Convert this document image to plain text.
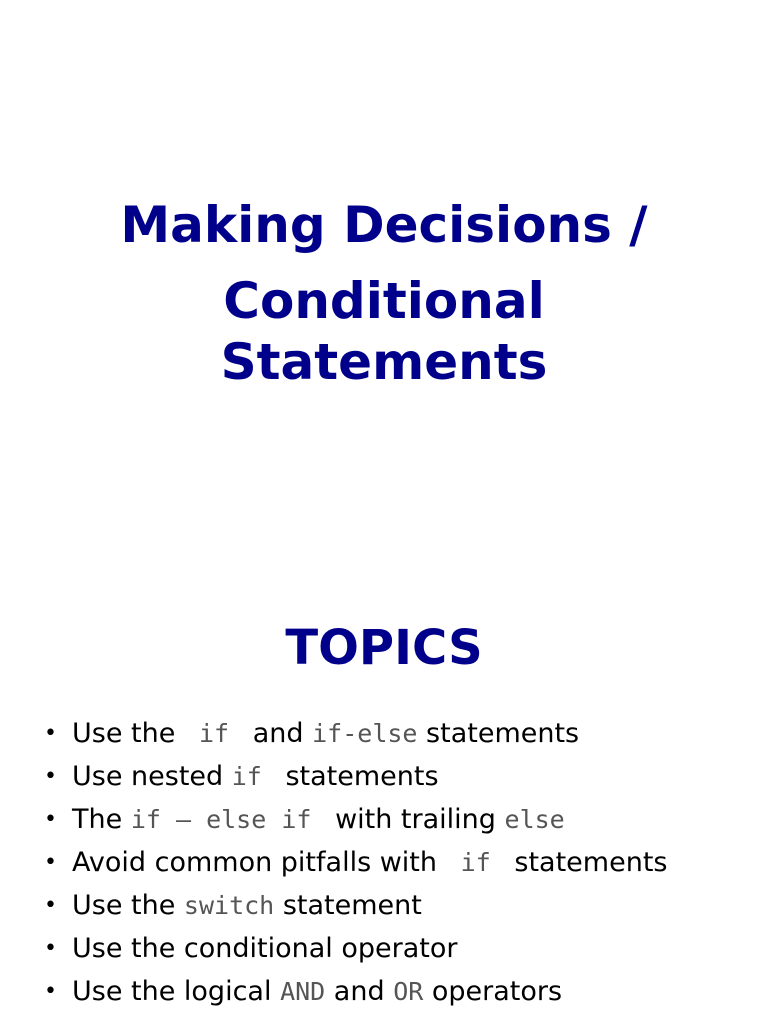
Making Decisions /
Conditional
Statements
TOPICS
• Use the  if  and if-else statements
• Use nested if  statements
• The if – else if  with trailing else
• Avoid common pitfalls with  if  statements
• Use the switch statement
• Use the conditional operator
• Use the logical AND and OR operators
